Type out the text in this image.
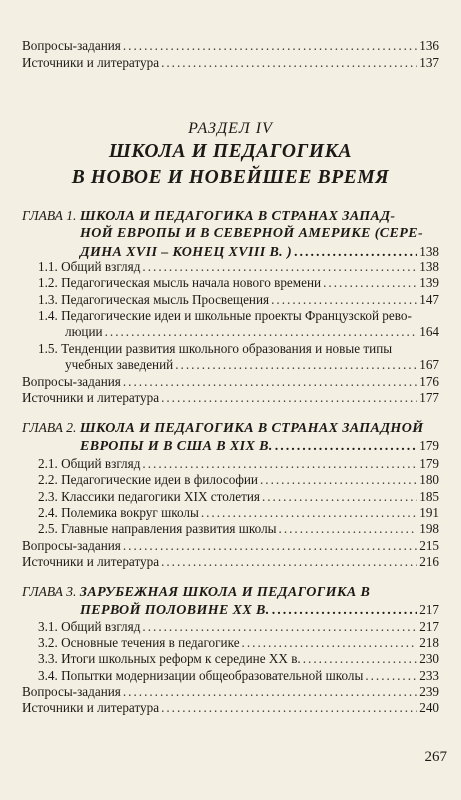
Вопросы-задания .....	136
Источники и литература .....	137
РАЗДЕЛ IV
ШКОЛА И ПЕДАГОГИКА
В НОВОЕ И НОВЕЙШЕЕ ВРЕМЯ
ГЛАВА 1. ШКОЛА И ПЕДАГОГИКА В СТРАНАХ ЗАПАД-
НОЙ ЕВРОПЫ И В СЕВЕРНОЙ АМЕРИКЕ (СЕРЕ-
ДИНА XVII – КОНЕЦ XVIII В. ) .....	138
1.1. Общий взгляд .....	138
1.2. Педагогическая мысль начала нового времени .....	139
1.3. Педагогическая мысль Просвещения .....	147
1.4. Педагогические идеи и школьные проекты Французской рево-
люции .....	164
1.5. Тенденции развития школьного образования и новые типы
учебных заведений .....	167
Вопросы-задания .....	176
Источники и литература .....	177
ГЛАВА 2. ШКОЛА И ПЕДАГОГИКА В СТРАНАХ ЗАПАДНОЙ
ЕВРОПЫ И В США В XIX В. .....	179
2.1. Общий взгляд .....	179
2.2. Педагогические идеи в философии .....	180
2.3. Классики педагогики XIX столетия .....	185
2.4. Полемика вокруг школы .....	191
2.5. Главные направления развития школы .....	198
Вопросы-задания .....	215
Источники и литература .....	216
ГЛАВА 3. ЗАРУБЕЖНАЯ ШКОЛА И ПЕДАГОГИКА В
ПЕРВОЙ ПОЛОВИНЕ XX В. .....	217
3.1. Общий взгляд .....	217
3.2. Основные течения в педагогике .....	218
3.3. Итоги школьных реформ к середине XX в. .....	230
3.4. Попытки модернизации общеобразовательной школы .....	233
Вопросы-задания .....	239
Источники и литература .....	240
267
